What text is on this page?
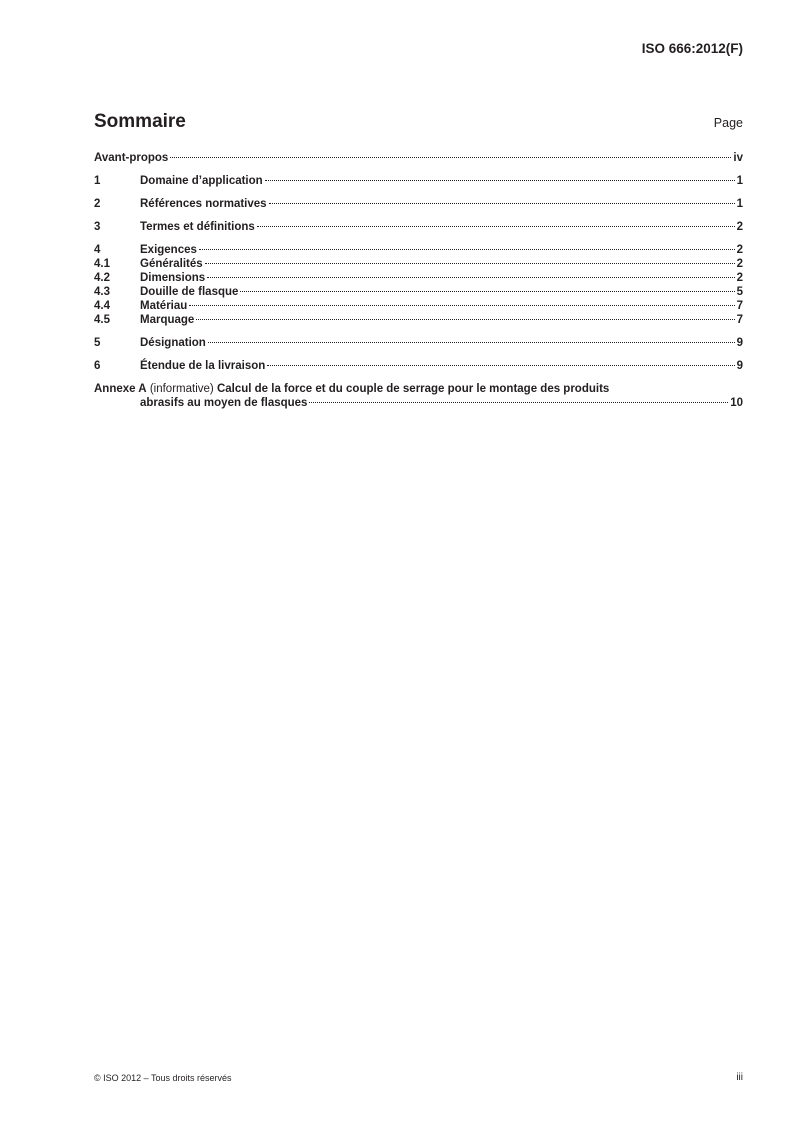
ISO 666:2012(F)
Sommaire	Page
Avant-propos	iv
1	Domaine d’application	1
2	Références normatives	1
3	Termes et définitions	2
4	Exigences	2
4.1	Généralités	2
4.2	Dimensions	2
4.3	Douille de flasque	5
4.4	Matériau	7
4.5	Marquage	7
5	Désignation	9
6	Étendue de la livraison	9
Annexe A (informative) Calcul de la force et du couple de serrage pour le montage des produits
abrasifs au moyen de flasques	10
© ISO 2012 – Tous droits réservés	iii
